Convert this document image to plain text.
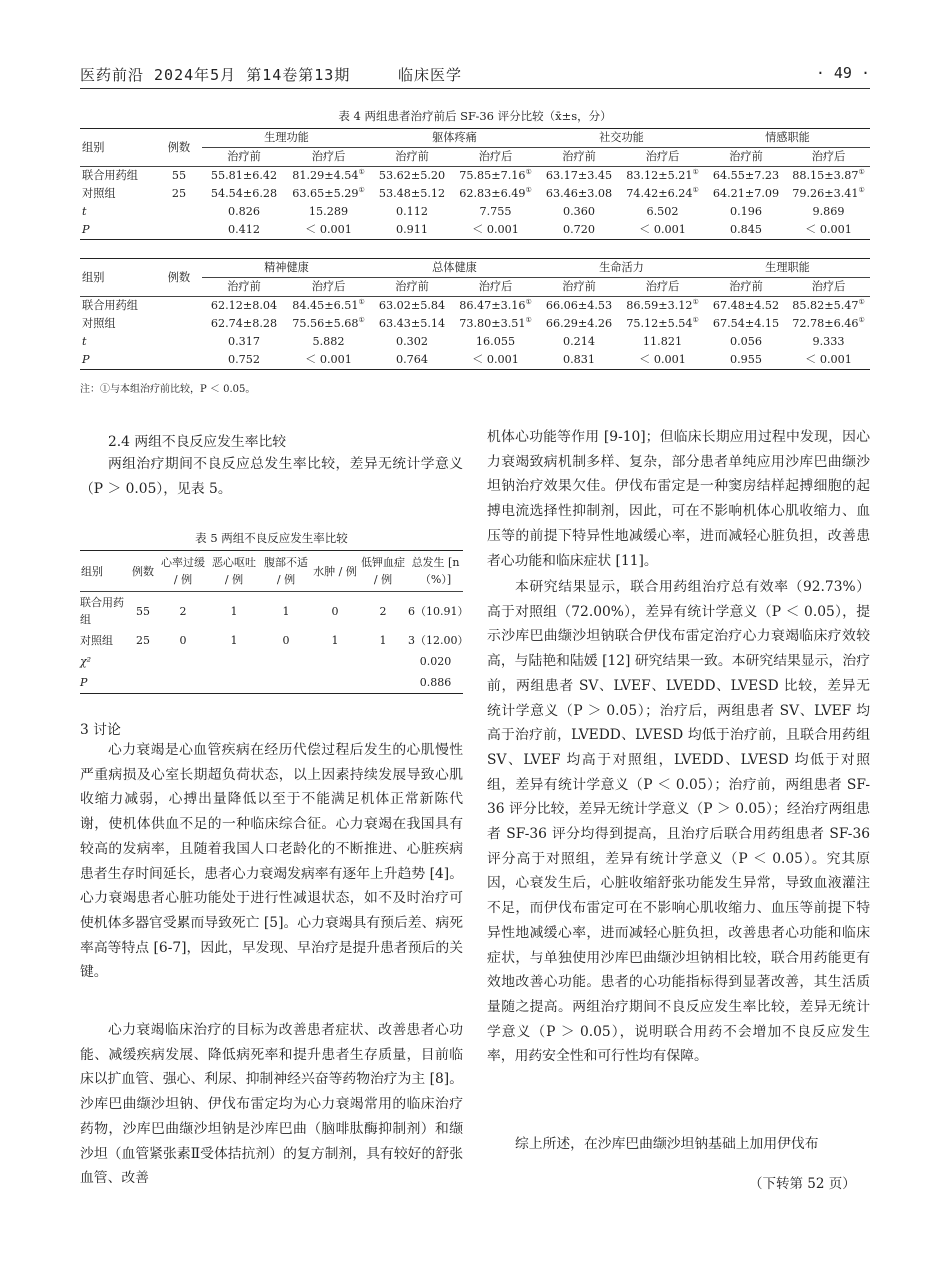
医药前沿 2024年5月 第14卷第13期	临床医学	· 49 ·
表 4 两组患者治疗前后 SF-36 评分比较（x̄±s，分）
组别	例数	生理功能		躯体疼痛		社交功能		情感职能	
		治疗前	治疗后	治疗前	治疗后	治疗前	治疗后	治疗前	治疗后
联合用药组	55	55.81±6.42	81.29±4.54①	53.62±5.20	75.85±7.16①	63.17±3.45	83.12±5.21①	64.55±7.23	88.15±3.87①
对照组	25	54.54±6.28	63.65±5.29①	53.48±5.12	62.83±6.49①	63.46±3.08	74.42±6.24①	64.21±7.09	79.26±3.41①
t		0.826	15.289	0.112	7.755	0.360	6.502	0.196	9.869
P		0.412	＜ 0.001	0.911	＜ 0.001	0.720	＜ 0.001	0.845	＜ 0.001
组别	例数	精神健康		总体健康		生命活力		生理职能	
		治疗前	治疗后	治疗前	治疗后	治疗前	治疗后	治疗前	治疗后
联合用药组		62.12±8.04	84.45±6.51①	63.02±5.84	86.47±3.16①	66.06±4.53	86.59±3.12①	67.48±4.52	85.82±5.47①
对照组		62.74±8.28	75.56±5.68①	63.43±5.14	73.80±3.51①	66.29±4.26	75.12±5.54①	67.54±4.15	72.78±6.46①
t		0.317	5.882	0.302	16.055	0.214	11.821	0.056	9.333
P		0.752	＜ 0.001	0.764	＜ 0.001	0.831	＜ 0.001	0.955	＜ 0.001
注：①与本组治疗前比较，P ＜ 0.05。
2.4 两组不良反应发生率比较

两组治疗期间不良反应总发生率比较，差异无统计学意义（P ＞ 0.05），见表 5。

表 5 两组不良反应发生率比较
组别	例数	心率过缓 / 例	恶心呕吐 / 例	腹部不适 / 例	水肿 / 例	低钾血症 / 例	总发生 [n（%）]
联合用药组	55	2	1	1	0	2	6（10.91）
对照组	25	0	1	0	1	1	3（12.00）
χ²							0.020
P							0.886
3 讨论

心力衰竭是心血管疾病在经历代偿过程后发生的心肌慢性严重病损及心室长期超负荷状态，以上因素持续发展导致心肌收缩力减弱，心搏出量降低以至于不能满足机体正常新陈代谢，使机体供血不足的一种临床综合征。心力衰竭在我国具有较高的发病率，且随着我国人口老龄化的不断推进、心脏疾病患者生存时间延长，患者心力衰竭发病率有逐年上升趋势 [4]。心力衰竭患者心脏功能处于进行性减退状态，如不及时治疗可使机体多器官受累而导致死亡 [5]。心力衰竭具有预后差、病死率高等特点 [6-7]，因此，早发现、早治疗是提升患者预后的关键。

心力衰竭临床治疗的目标为改善患者症状、改善患者心功能、减缓疾病发展、降低病死率和提升患者生存质量，目前临床以扩血管、强心、利尿、抑制神经兴奋等药物治疗为主 [8]。沙库巴曲缬沙坦钠、伊伐布雷定均为心力衰竭常用的临床治疗药物，沙库巴曲缬沙坦钠是沙库巴曲（脑啡肽酶抑制剂）和缬沙坦（血管紧张素Ⅱ受体拮抗剂）的复方制剂，具有较好的舒张血管、改善

机体心功能等作用 [9-10]；但临床长期应用过程中发现，因心力衰竭致病机制多样、复杂，部分患者单纯应用沙库巴曲缬沙坦钠治疗效果欠佳。伊伐布雷定是一种窦房结样起搏细胞的起搏电流选择性抑制剂，因此，可在不影响机体心肌收缩力、血压等的前提下特异性地减缓心率，进而减轻心脏负担，改善患者心功能和临床症状 [11]。

本研究结果显示，联合用药组治疗总有效率（92.73%）高于对照组（72.00%），差异有统计学意义（P ＜ 0.05），提示沙库巴曲缬沙坦钠联合伊伐布雷定治疗心力衰竭临床疗效较高，与陆艳和陆媛 [12] 研究结果一致。本研究结果显示，治疗前，两组患者 SV、LVEF、LVEDD、LVESD 比较，差异无统计学意义（P ＞ 0.05）；治疗后，两组患者 SV、LVEF 均高于治疗前，LVEDD、LVESD 均低于治疗前，且联合用药组 SV、LVEF 均高于对照组，LVEDD、LVESD 均低于对照组，差异有统计学意义（P ＜ 0.05）；治疗前，两组患者 SF-36 评分比较，差异无统计学意义（P ＞ 0.05）；经治疗两组患者 SF-36 评分均得到提高，且治疗后联合用药组患者 SF-36 评分高于对照组，差异有统计学意义（P ＜ 0.05）。究其原因，心衰发生后，心脏收缩舒张功能发生异常，导致血液灌注不足，而伊伐布雷定可在不影响心肌收缩力、血压等前提下特异性地减缓心率，进而减轻心脏负担，改善患者心功能和临床症状，与单独使用沙库巴曲缬沙坦钠相比较，联合用药能更有效地改善心功能。患者的心功能指标得到显著改善，其生活质量随之提高。两组治疗期间不良反应发生率比较，差异无统计学意义（P ＞ 0.05），说明联合用药不会增加不良反应发生率，用药安全性和可行性均有保障。

综上所述，在沙库巴曲缬沙坦钠基础上加用伊伐布

（下转第 52 页）
